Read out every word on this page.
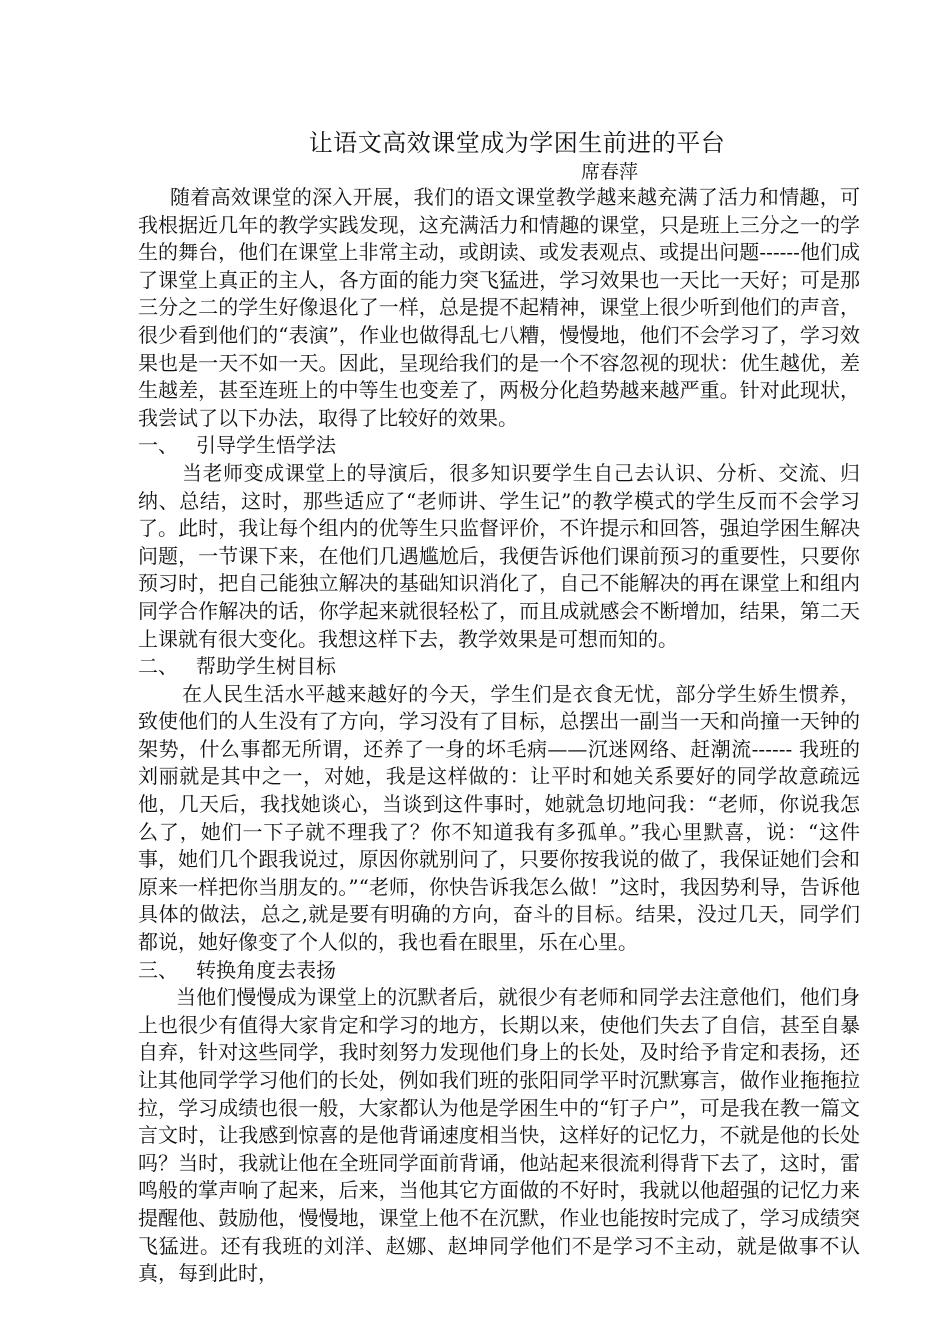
让语文高效课堂成为学困生前进的平台

席春萍

随着高效课堂的深入开展，我们的语文课堂教学越来越充满了活力和情趣，可我根据近几年的教学实践发现，这充满活力和情趣的课堂，只是班上三分之一的学生的舞台，他们在课堂上非常主动，或朗读、或发表观点、或提出问题------他们成了课堂上真正的主人，各方面的能力突飞猛进，学习效果也一天比一天好；可是那三分之二的学生好像退化了一样，总是提不起精神，课堂上很少听到他们的声音，很少看到他们的“表演”，作业也做得乱七八糟，慢慢地，他们不会学习了，学习效果也是一天不如一天。因此，呈现给我们的是一个不容忽视的现状：优生越优，差生越差，甚至连班上的中等生也变差了，两极分化趋势越来越严重。针对此现状，我尝试了以下办法，取得了比较好的效果。

一、 引导学生悟学法

当老师变成课堂上的导演后，很多知识要学生自己去认识、分析、交流、归纳、总结，这时，那些适应了“老师讲、学生记”的教学模式的学生反而不会学习了。此时，我让每个组内的优等生只监督评价，不许提示和回答，强迫学困生解决问题，一节课下来，在他们几遇尴尬后，我便告诉他们课前预习的重要性，只要你预习时，把自己能独立解决的基础知识消化了，自己不能解决的再在课堂上和组内同学合作解决的话，你学起来就很轻松了，而且成就感会不断增加，结果，第二天上课就有很大变化。我想这样下去，教学效果是可想而知的。

二、 帮助学生树目标

在人民生活水平越来越好的今天，学生们是衣食无忧，部分学生娇生惯养，致使他们的人生没有了方向，学习没有了目标，总摆出一副当一天和尚撞一天钟的架势，什么事都无所谓，还养了一身的坏毛病——沉迷网络、赶潮流------ 我班的刘丽就是其中之一，对她，我是这样做的：让平时和她关系要好的同学故意疏远他，几天后，我找她谈心，当谈到这件事时，她就急切地问我：“老师，你说我怎么了，她们一下子就不理我了？你不知道我有多孤单。”我心里默喜，说：“这件事，她们几个跟我说过，原因你就别问了，只要你按我说的做了，我保证她们会和原来一样把你当朋友的。”“老师，你快告诉我怎么做！”这时，我因势利导，告诉他具体的做法，总之,就是要有明确的方向，奋斗的目标。结果，没过几天，同学们都说，她好像变了个人似的，我也看在眼里，乐在心里。

三、 转换角度去表扬

当他们慢慢成为课堂上的沉默者后，就很少有老师和同学去注意他们，他们身上也很少有值得大家肯定和学习的地方，长期以来，使他们失去了自信，甚至自暴自弃，针对这些同学，我时刻努力发现他们身上的长处，及时给予肯定和表扬，还让其他同学学习他们的长处，例如我们班的张阳同学平时沉默寡言，做作业拖拖拉拉，学习成绩也很一般，大家都认为他是学困生中的“钉子户”，可是我在教一篇文言文时，让我感到惊喜的是他背诵速度相当快，这样好的记忆力，不就是他的长处吗？当时，我就让他在全班同学面前背诵，他站起来很流利得背下去了，这时，雷鸣般的掌声响了起来，后来，当他其它方面做的不好时，我就以他超强的记忆力来提醒他、鼓励他，慢慢地，课堂上他不在沉默，作业也能按时完成了，学习成绩突飞猛进。还有我班的刘洋、赵娜、赵坤同学他们不是学习不主动，就是做事不认真，每到此时，
